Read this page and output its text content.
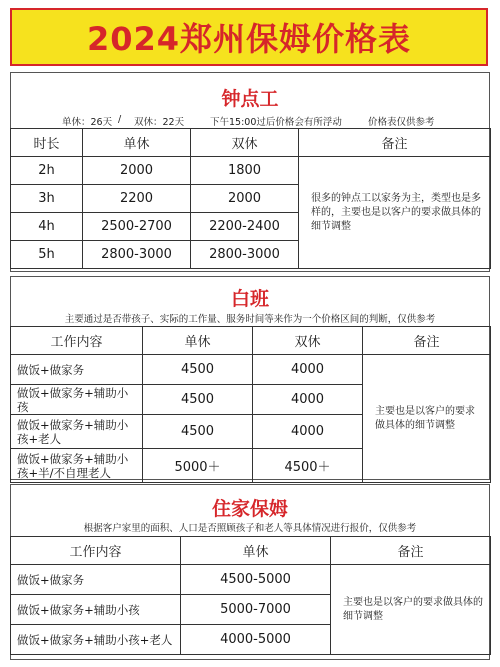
2024郑州保姆价格表
钟点工
单休：26天 / 双休：22天	下午15:00过后价格会有所浮动	价格表仅供参考
时长	单休	双休	备注
2h	2000	1800	很多的钟点工以家务为主，类型也是多样的，主要也是以客户的要求做具体的细节调整
3h	2200	2000	
4h	2500-2700	2200-2400	
5h	2800-3000	2800-3000	
白班
主要通过是否带孩子、实际的工作量、服务时间等来作为一个价格区间的判断，仅供参考
工作内容	单休	双休	备注
做饭+做家务	4500	4000	主要也是以客户的要求做具体的细节调整
做饭+做家务+辅助小孩	4500	4000	
做饭+做家务+辅助小孩+老人	4500	4000	
做饭+做家务+辅助小孩+半/不自理老人	5000＋	4500＋	
住家保姆
根据客户家里的面积、人口是否照顾孩子和老人等具体情况进行报价，仅供参考
工作内容	单休	备注
做饭+做家务	4500-5000	主要也是以客户的要求做具体的细节调整
做饭+做家务+辅助小孩	5000-7000	
做饭+做家务+辅助小孩+老人	4000-5000	
